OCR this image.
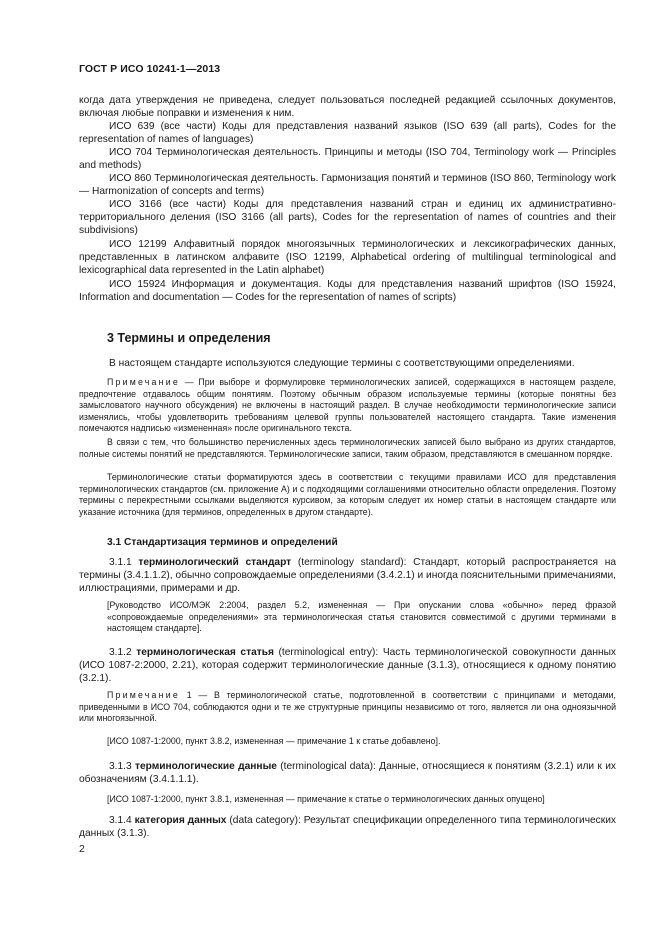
ГОСТ Р ИСО 10241-1—2013
когда дата утверждения не приведена, следует пользоваться последней редакцией ссылочных документов, включая любые поправки и изменения к ним.
ИСО 639 (все части) Коды для представления названий языков (ISO 639 (all parts), Codes for the representation of names of languages)
ИСО 704 Терминологическая деятельность. Принципы и методы (ISO 704, Terminology work — Principles and methods)
ИСО 860 Терминологическая деятельность. Гармонизация понятий и терминов (ISO 860, Terminology work — Harmonization of concepts and terms)
ИСО 3166 (все части) Коды для представления названий стран и единиц их административно-территориального деления (ISO 3166 (all parts), Codes for the representation of names of countries and their subdivisions)
ИСО 12199 Алфавитный порядок многоязычных терминологических и лексикографических данных, представленных в латинском алфавите (ISO 12199, Alphabetical ordering of multilingual terminological and lexicographical data represented in the Latin alphabet)
ИСО 15924 Информация и документация. Коды для представления названий шрифтов (ISO 15924, Information and documentation — Codes for the representation of names of scripts)
3 Термины и определения
В настоящем стандарте используются следующие термины с соответствующими определениями.
Примечание — При выборе и формулировке терминологических записей, содержащихся в настоящем разделе, предпочтение отдавалось общим понятиям. Поэтому обычным образом используемые термины (которые понятны без замысловатого научного обсуждения) не включены в настоящий раздел. В случае необходимости терминологические записи изменялись, чтобы удовлетворить требованиям целевой группы пользователей настоящего стандарта. Такие изменения помечаются надписью «измененная» после оригинального текста.
В связи с тем, что большинство перечисленных здесь терминологических записей было выбрано из других стандартов, полные системы понятий не представляются. Терминологические записи, таким образом, представляются в смешанном порядке.
Терминологические статьи форматируются здесь в соответствии с текущими правилами ИСО для представления терминологических стандартов (см. приложение А) и с подходящими соглашениями относительно области определения. Поэтому термины с перекрестными ссылками выделяются курсивом, за которым следует их номер статьи в настоящем стандарте или указание источника (для терминов, определенных в другом стандарте).
3.1 Стандартизация терминов и определений
3.1.1 терминологический стандарт (terminology standard): Стандарт, который распространяется на термины (3.4.1.1.2), обычно сопровождаемые определениями (3.4.2.1) и иногда пояснительными примечаниями, иллюстрациями, примерами и др.
[Руководство ИСО/МЭК 2:2004, раздел 5.2, измененная — При опускании слова «обычно» перед фразой «сопровождаемые определениями» эта терминологическая статья становится совместимой с другими терминами в настоящем стандарте].
3.1.2 терминологическая статья (terminological entry): Часть терминологической совокупности данных (ИСО 1087-2:2000, 2.21), которая содержит терминологические данные (3.1.3), относящиеся к одному понятию (3.2.1).
Примечание 1 — В терминологической статье, подготовленной в соответствии с принципами и методами, приведенными в ИСО 704, соблюдаются одни и те же структурные принципы независимо от того, является ли она одноязычной или многоязычной.
[ИСО 1087-1:2000, пункт 3.8.2, измененная — примечание 1 к статье добавлено].
3.1.3 терминологические данные (terminological data): Данные, относящиеся к понятиям (3.2.1) или к их обозначениям (3.4.1.1.1).
[ИСО 1087-1:2000, пункт 3.8.1, измененная — примечание к статье о терминологических данных опущено]
3.1.4 категория данных (data category): Результат спецификации определенного типа терминологических данных (3.1.3).
2
